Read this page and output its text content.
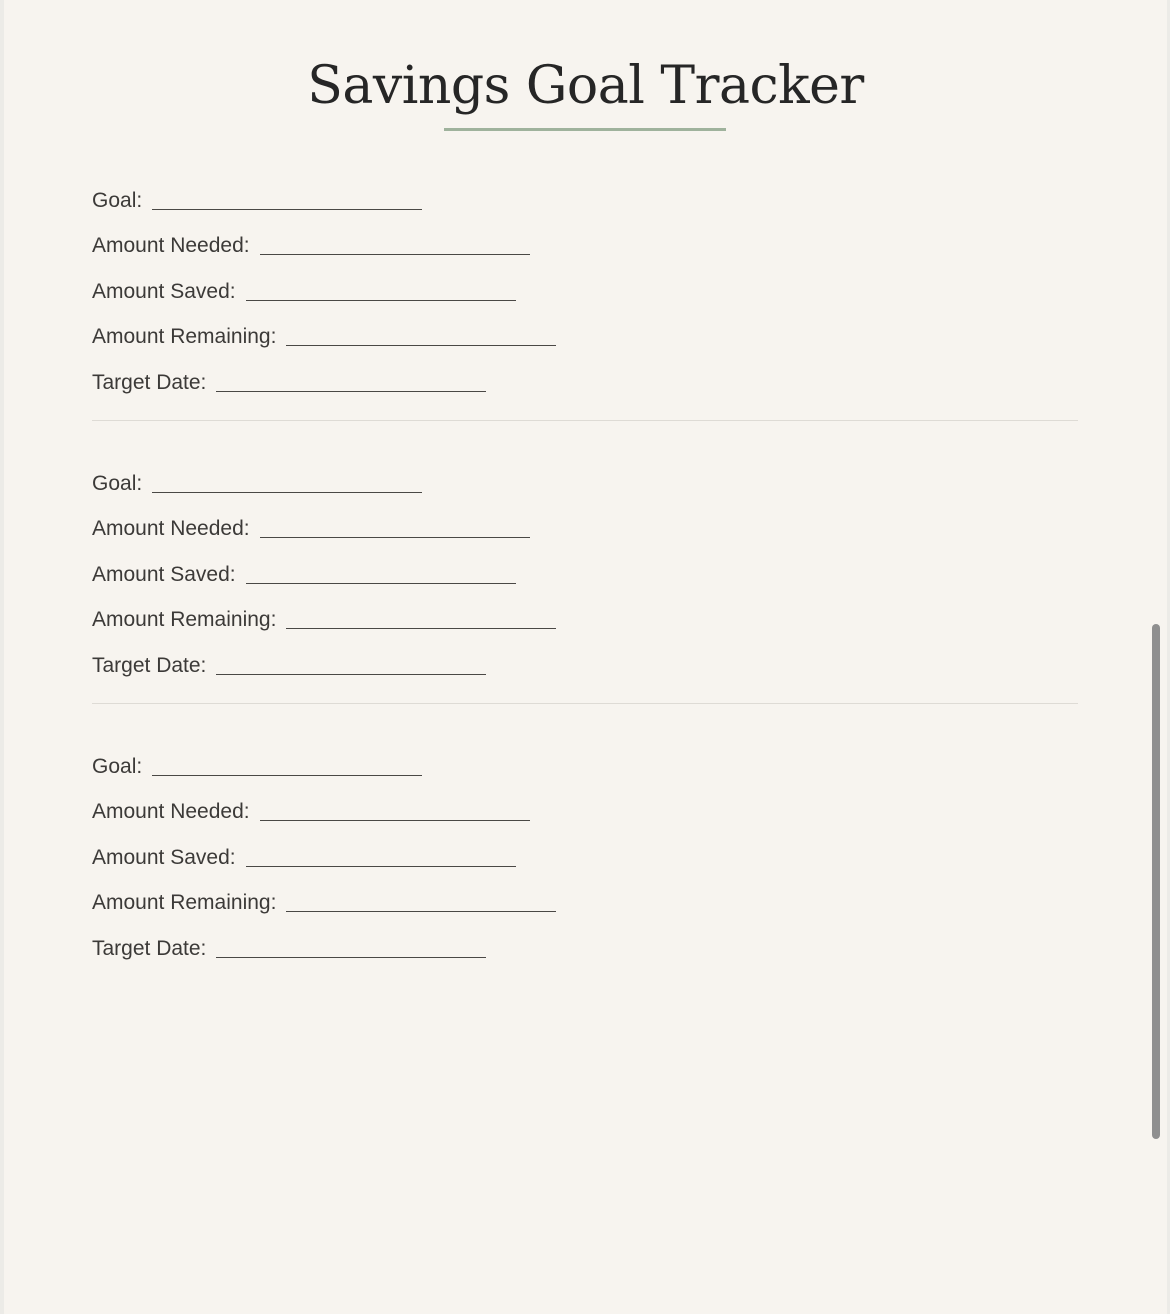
Savings Goal Tracker
Goal:
Amount Needed:
Amount Saved:
Amount Remaining:
Target Date:
Goal:
Amount Needed:
Amount Saved:
Amount Remaining:
Target Date:
Goal:
Amount Needed:
Amount Saved:
Amount Remaining:
Target Date:
